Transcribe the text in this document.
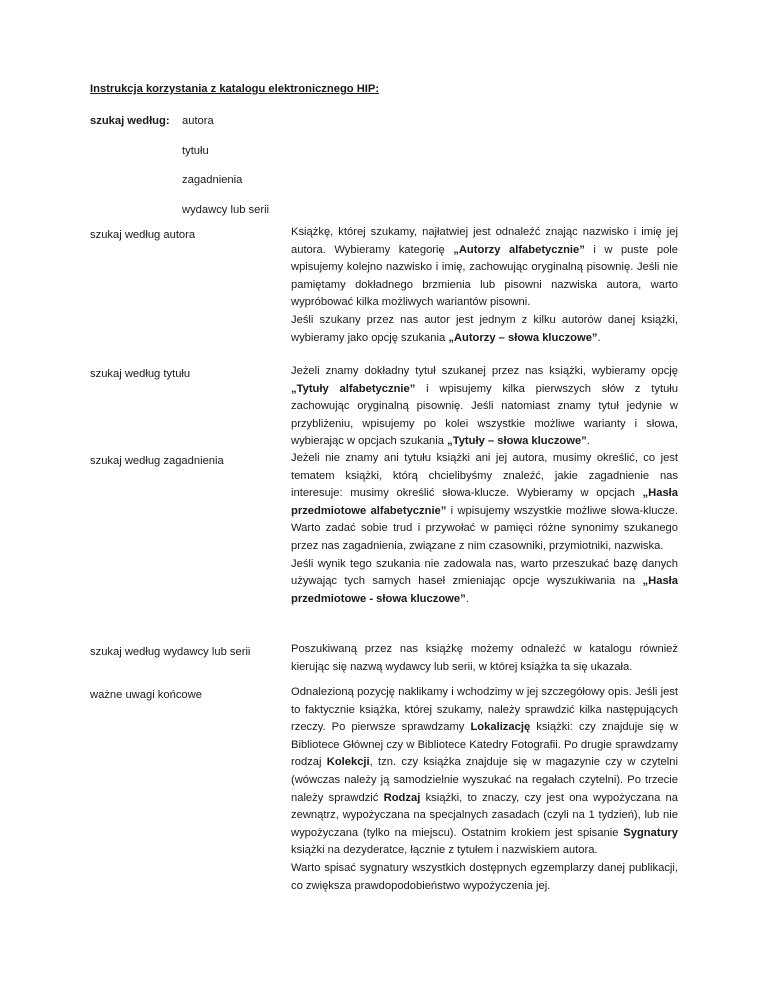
Instrukcja korzystania z katalogu elektronicznego HIP:
szukaj według: autora
tytułu
zagadnienia
wydawcy lub serii
szukaj według autora	Książkę, której szukamy, najłatwiej jest odnaleźć znając nazwisko i imię jej autora. Wybieramy kategorię „Autorzy alfabetycznie” i w puste pole wpisujemy kolejno nazwisko i imię, zachowując oryginalną pisownię. Jeśli nie pamiętamy dokładnego brzmienia lub pisowni nazwiska autora, warto wypróbować kilka możliwych wariantów pisowni.

Jeśli szukany przez nas autor jest jednym z kilku autorów danej książki, wybieramy jako opcję szukania „Autorzy – słowa kluczowe”.

szukaj według tytułu	Jeżeli znamy dokładny tytuł szukanej przez nas książki, wybieramy opcję „Tytuły alfabetycznie” i wpisujemy kilka pierwszych słów z tytułu zachowując oryginalną pisownię. Jeśli natomiast znamy tytuł jedynie w przybliżeniu, wpisujemy po kolei wszystkie możliwe warianty i słowa, wybierając w opcjach szukania „Tytuły – słowa kluczowe”.

szukaj według zagadnienia	Jeżeli nie znamy ani tytułu książki ani jej autora, musimy określić, co jest tematem książki, którą chcielibyśmy znaleźć, jakie zagadnienie nas interesuje: musimy określić słowa-klucze. Wybieramy w opcjach „Hasła przedmiotowe alfabetycznie” i wpisujemy wszystkie możliwe słowa-klucze. Warto zadać sobie trud i przywołać w pamięci różne synonimy szukanego przez nas zagadnienia, związane z nim czasowniki, przymiotniki, nazwiska.

Jeśli wynik tego szukania nie zadowala nas, warto przeszukać bazę danych używając tych samych haseł zmieniając opcje wyszukiwania na „Hasła przedmiotowe - słowa kluczowe”.

szukaj według wydawcy lub serii	Poszukiwaną przez nas książkę możemy odnaleźć w katalogu również kierując się nazwą wydawcy lub serii, w której książka ta się ukazała.

ważne uwagi końcowe	Odnalezioną pozycję naklikamy i wchodzimy w jej szczegółowy opis. Jeśli jest to faktycznie książka, której szukamy, należy sprawdzić kilka następujących rzeczy. Po pierwsze sprawdzamy Lokalizację książki: czy znajduje się w Bibliotece Głównej czy w Bibliotece Katedry Fotografii. Po drugie sprawdzamy rodzaj Kolekcji, tzn. czy książka znajduje się w magazynie czy w czytelni (wówczas należy ją samodzielnie wyszukać na regałach czytelni). Po trzecie należy sprawdzić Rodzaj książki, to znaczy, czy jest ona wypożyczana na zewnątrz, wypożyczana na specjalnych zasadach (czyli na 1 tydzień), lub nie wypożyczana (tylko na miejscu). Ostatnim krokiem jest spisanie Sygnatury książki na dezyderatce, łącznie z tytułem i nazwiskiem autora.

Warto spisać sygnatury wszystkich dostępnych egzemplarzy danej publikacji, co zwiększa prawdopodobieństwo wypożyczenia jej.
